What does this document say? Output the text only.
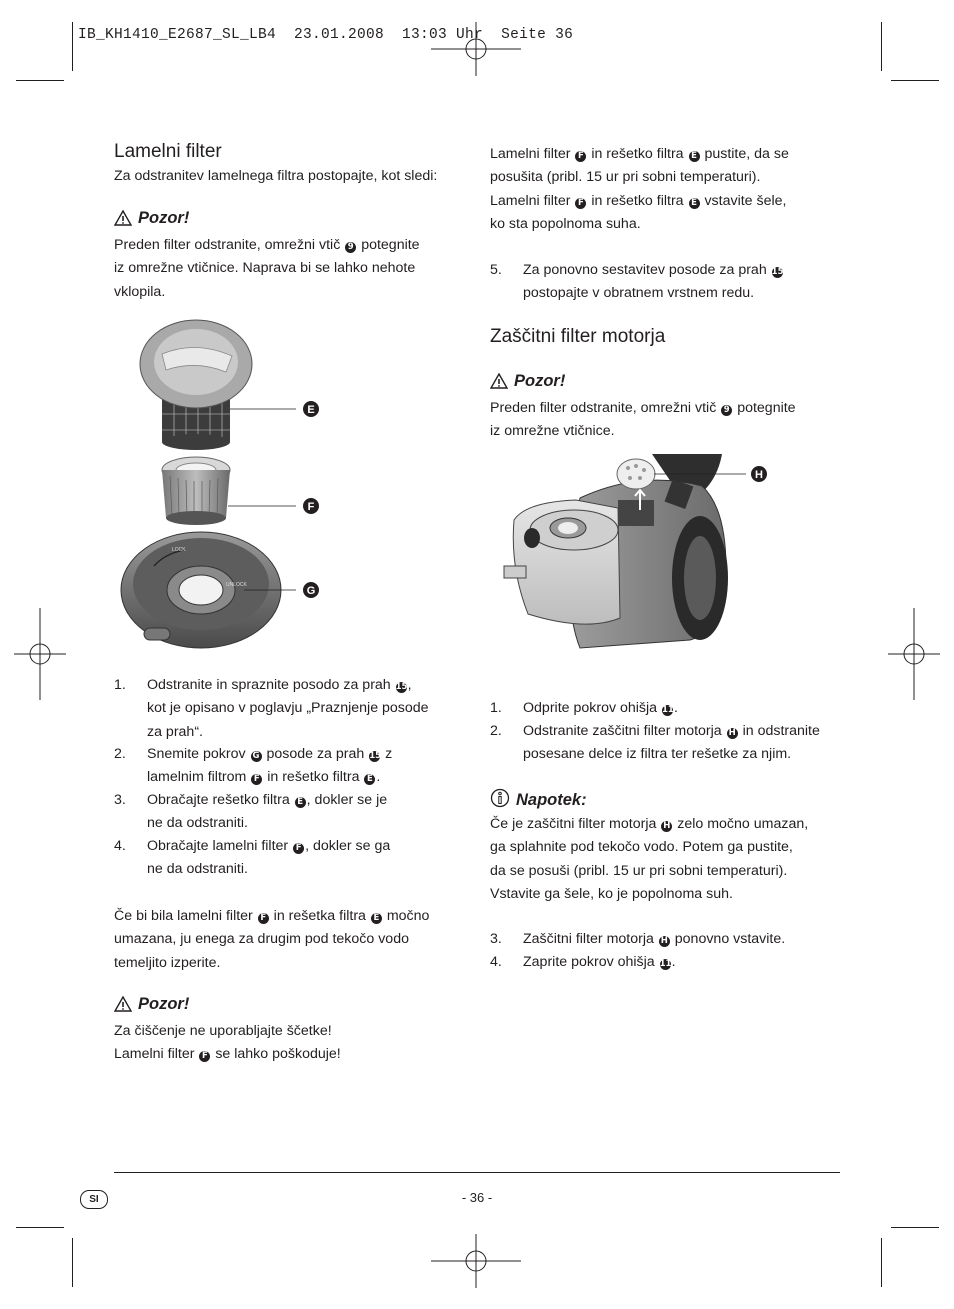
IB_KH1410_E2687_SL_LB4  23.01.2008  13:03 Uhr  Seite 36
Lamelni filter
Za odstranitev lamelnega filtra postopajte, kot sledi:
Pozor!
Preden filter odstranite, omrežni vtič 9 potegnite
iz omrežne vtičnice. Naprava bi se lahko nehote
vklopila.
LOCK
UNLOCK
E
F
G
1. Odstranite in spraznite posodo za prah 15,
kot je opisano v poglavju „Praznjenje posode
za prah“.
2. Snemite pokrov G posode za prah 15 z
lamelnim filtrom F in rešetko filtra E .
3. Obračajte rešetko filtra E , dokler se je
ne da odstraniti.
4. Obračajte lamelni filter F , dokler se ga
ne da odstraniti.
Če bi bila lamelni filter F in rešetka filtra E močno
umazana, ju enega za drugim pod tekočo vodo
temeljito izperite.
Pozor!
Za čiščenje ne uporabljajte ščetke!
Lamelni filter F se lahko poškoduje!
Lamelni filter F in rešetko filtra E pustite, da se
posušita (pribl. 15 ur pri sobni temperaturi).
Lamelni filter F in rešetko filtra E vstavite šele,
ko sta popolnoma suha.
5. Za ponovno sestavitev posode za prah 15
postopajte v obratnem vrstnem redu.
Zaščitni filter motorja
Pozor!
Preden filter odstranite, omrežni vtič 9 potegnite
iz omrežne vtičnice.
H
1. Odprite pokrov ohišja 11.
2. Odstranite zaščitni filter motorja H in odstranite
posesane delce iz filtra ter rešetke za njim.
Napotek:
Če je zaščitni filter motorja H zelo močno umazan,
ga splahnite pod tekočo vodo. Potem ga pustite,
da se posuši (pribl. 15 ur pri sobni temperaturi).
Vstavite ga šele, ko je popolnoma suh.
3. Zaščitni filter motorja H ponovno vstavite.
4. Zaprite pokrov ohišja 11.
SI	- 36 -
